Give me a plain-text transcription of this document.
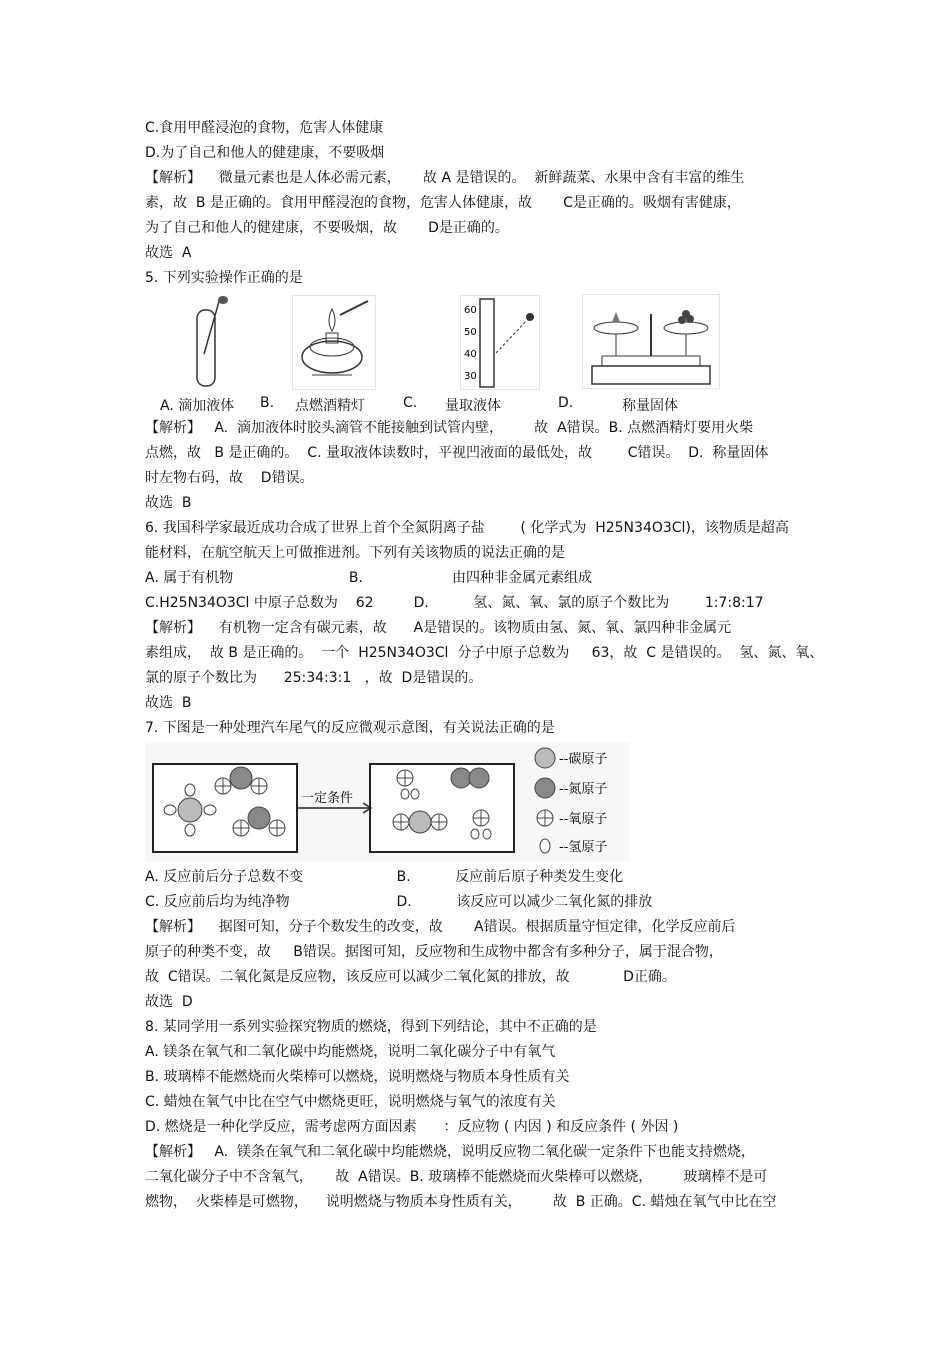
C.食用甲醛浸泡的食物，危害人体健康
D.为了自己和他人的健建康，不要吸烟
【解析】    微量元素也是人体必需元素，     故 A 是错误的。  新鲜蔬菜、水果中含有丰富的维生
素，故  B 是正确的。食用甲醛浸泡的食物，危害人体健康，故       C是正确的。吸烟有害健康，
为了自己和他人的健建康，不要吸烟，故       D是正确的。
故选  A
5. 下列实验操作正确的是
60
50
40
30
A. 滴加液体 B. 点燃酒精灯	C. 量取液体	D.	称量固体
【解析】   A.  滴加液体时胶头滴管不能接触到试管内壁，       故  A错误。B. 点燃酒精灯要用火柴
点燃，故   B 是正确的。  C. 量取液体读数时，平视凹液面的最低处，故        C错误。  D.  称量固体
时左物右码，故    D错误。
故选  B
6. 我国科学家最近成功合成了世界上首个全氮阴离子盐        ( 化学式为  H25N34O3Cl)，该物质是超高
能材料，在航空航天上可做推进剂。下列有关该物质的说法正确的是
A. 属于有机物                          B.                    由四种非金属元素组成
C.H25N34O3Cl 中原子总数为    62         D.          氢、氮、氧、氯的原子个数比为        1:7:8:17
【解析】    有机物一定含有碳元素，故      A是错误的。该物质由氢、氮、氧、氯四种非金属元
素组成，  故 B 是正确的。  一个  H25N34O3Cl  分子中原子总数为     63，故  C 是错误的。  氢、氮、氧、
氯的原子个数比为      25:34:3:1   ，故  D是错误的。
故选  B
7. 下图是一种处理汽车尾气的反应微观示意图，有关说法正确的是
一定条件
--碳原子
--氮原子
--氧原子
--氢原子
A. 反应前后分子总数不变                     B.          反应前后原子种类发生变化
C. 反应前后均为纯净物                        D.          该反应可以减少二氧化氮的排放
【解析】    据图可知，分子个数发生的改变，故       A错误。根据质量守恒定律，化学反应前后
原子的种类不变，故     B错误。据图可知，反应物和生成物中都含有多种分子，属于混合物，
故  C错误。二氧化氮是反应物，该反应可以减少二氧化氮的排放，故            D正确。
故选  D
8. 某同学用一系列实验探究物质的燃烧，得到下列结论，其中不正确的是
A. 镁条在氧气和二氧化碳中均能燃烧，说明二氧化碳分子中有氧气
B. 玻璃棒不能燃烧而火柴棒可以燃烧，说明燃烧与物质本身性质有关
C. 蜡烛在氧气中比在空气中燃烧更旺，说明燃烧与氧气的浓度有关
D. 燃烧是一种化学反应，需考虑两方面因素      ：反应物 ( 内因 ) 和反应条件 ( 外因 )
【解析】   A.  镁条在氧气和二氧化碳中均能燃烧，说明反应物二氧化碳一定条件下也能支持燃烧，
二氧化碳分子中不含氧气，     故  A错误。B. 玻璃棒不能燃烧而火柴棒可以燃烧，       玻璃棒不是可
燃物，  火柴棒是可燃物，    说明燃烧与物质本身性质有关，       故  B 正确。C. 蜡烛在氧气中比在空
